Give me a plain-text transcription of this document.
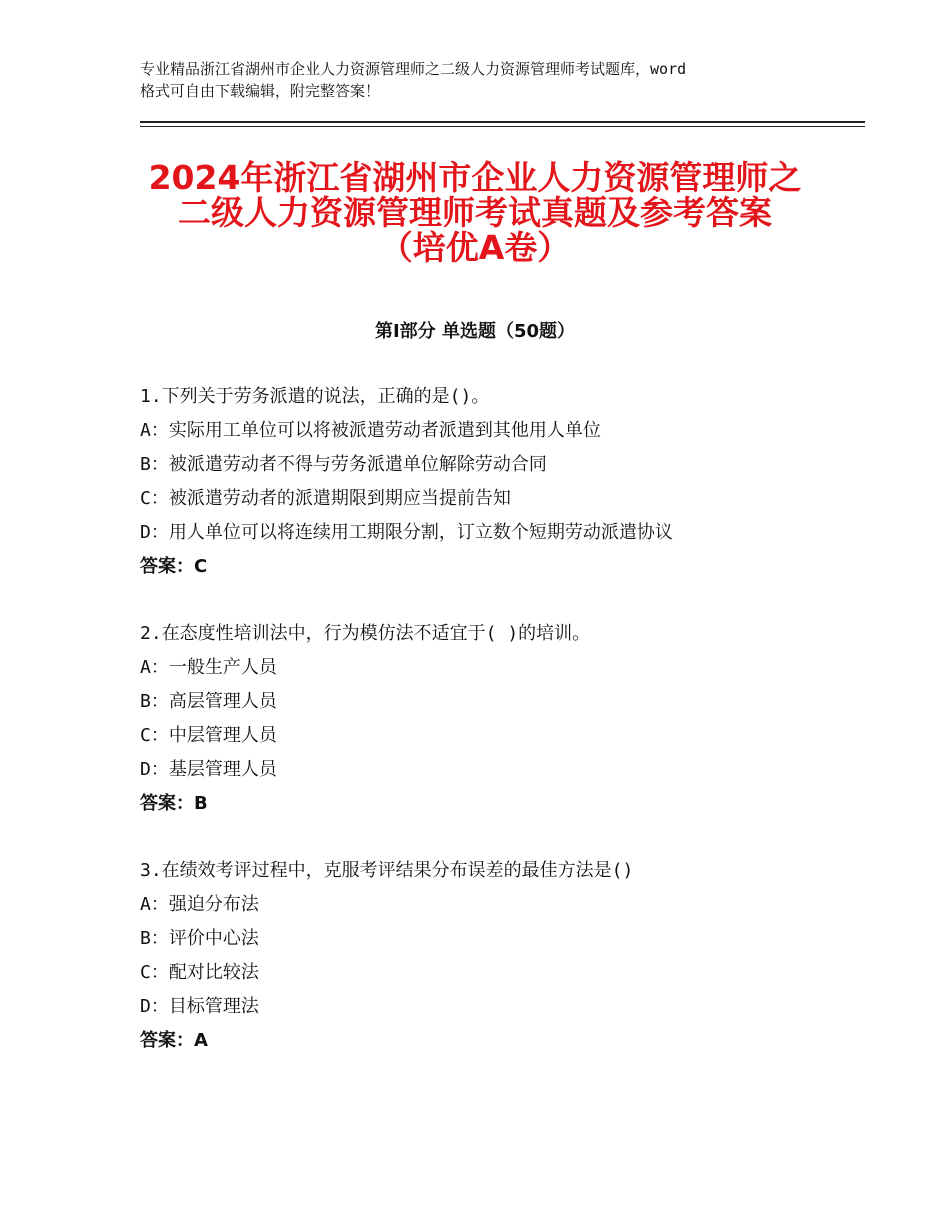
专业精品浙江省湖州市企业人力资源管理师之二级人力资源管理师考试题库，word
格式可自由下载编辑，附完整答案！
2024年浙江省湖州市企业人力资源管理师之
二级人力资源管理师考试真题及参考答案
（培优A卷）
第Ⅰ部分 单选题（50题）
1.下列关于劳务派遣的说法，正确的是()。
A：实际用工单位可以将被派遣劳动者派遣到其他用人单位
B：被派遣劳动者不得与劳务派遣单位解除劳动合同
C：被派遣劳动者的派遣期限到期应当提前告知
D：用人单位可以将连续用工期限分割，订立数个短期劳动派遣协议
答案：C
2.在态度性培训法中，行为模仿法不适宜于( )的培训。
A：一般生产人员
B：高层管理人员
C：中层管理人员
D：基层管理人员
答案：B
3.在绩效考评过程中，克服考评结果分布误差的最佳方法是()
A：强迫分布法
B：评价中心法
C：配对比较法
D：目标管理法
答案：A
